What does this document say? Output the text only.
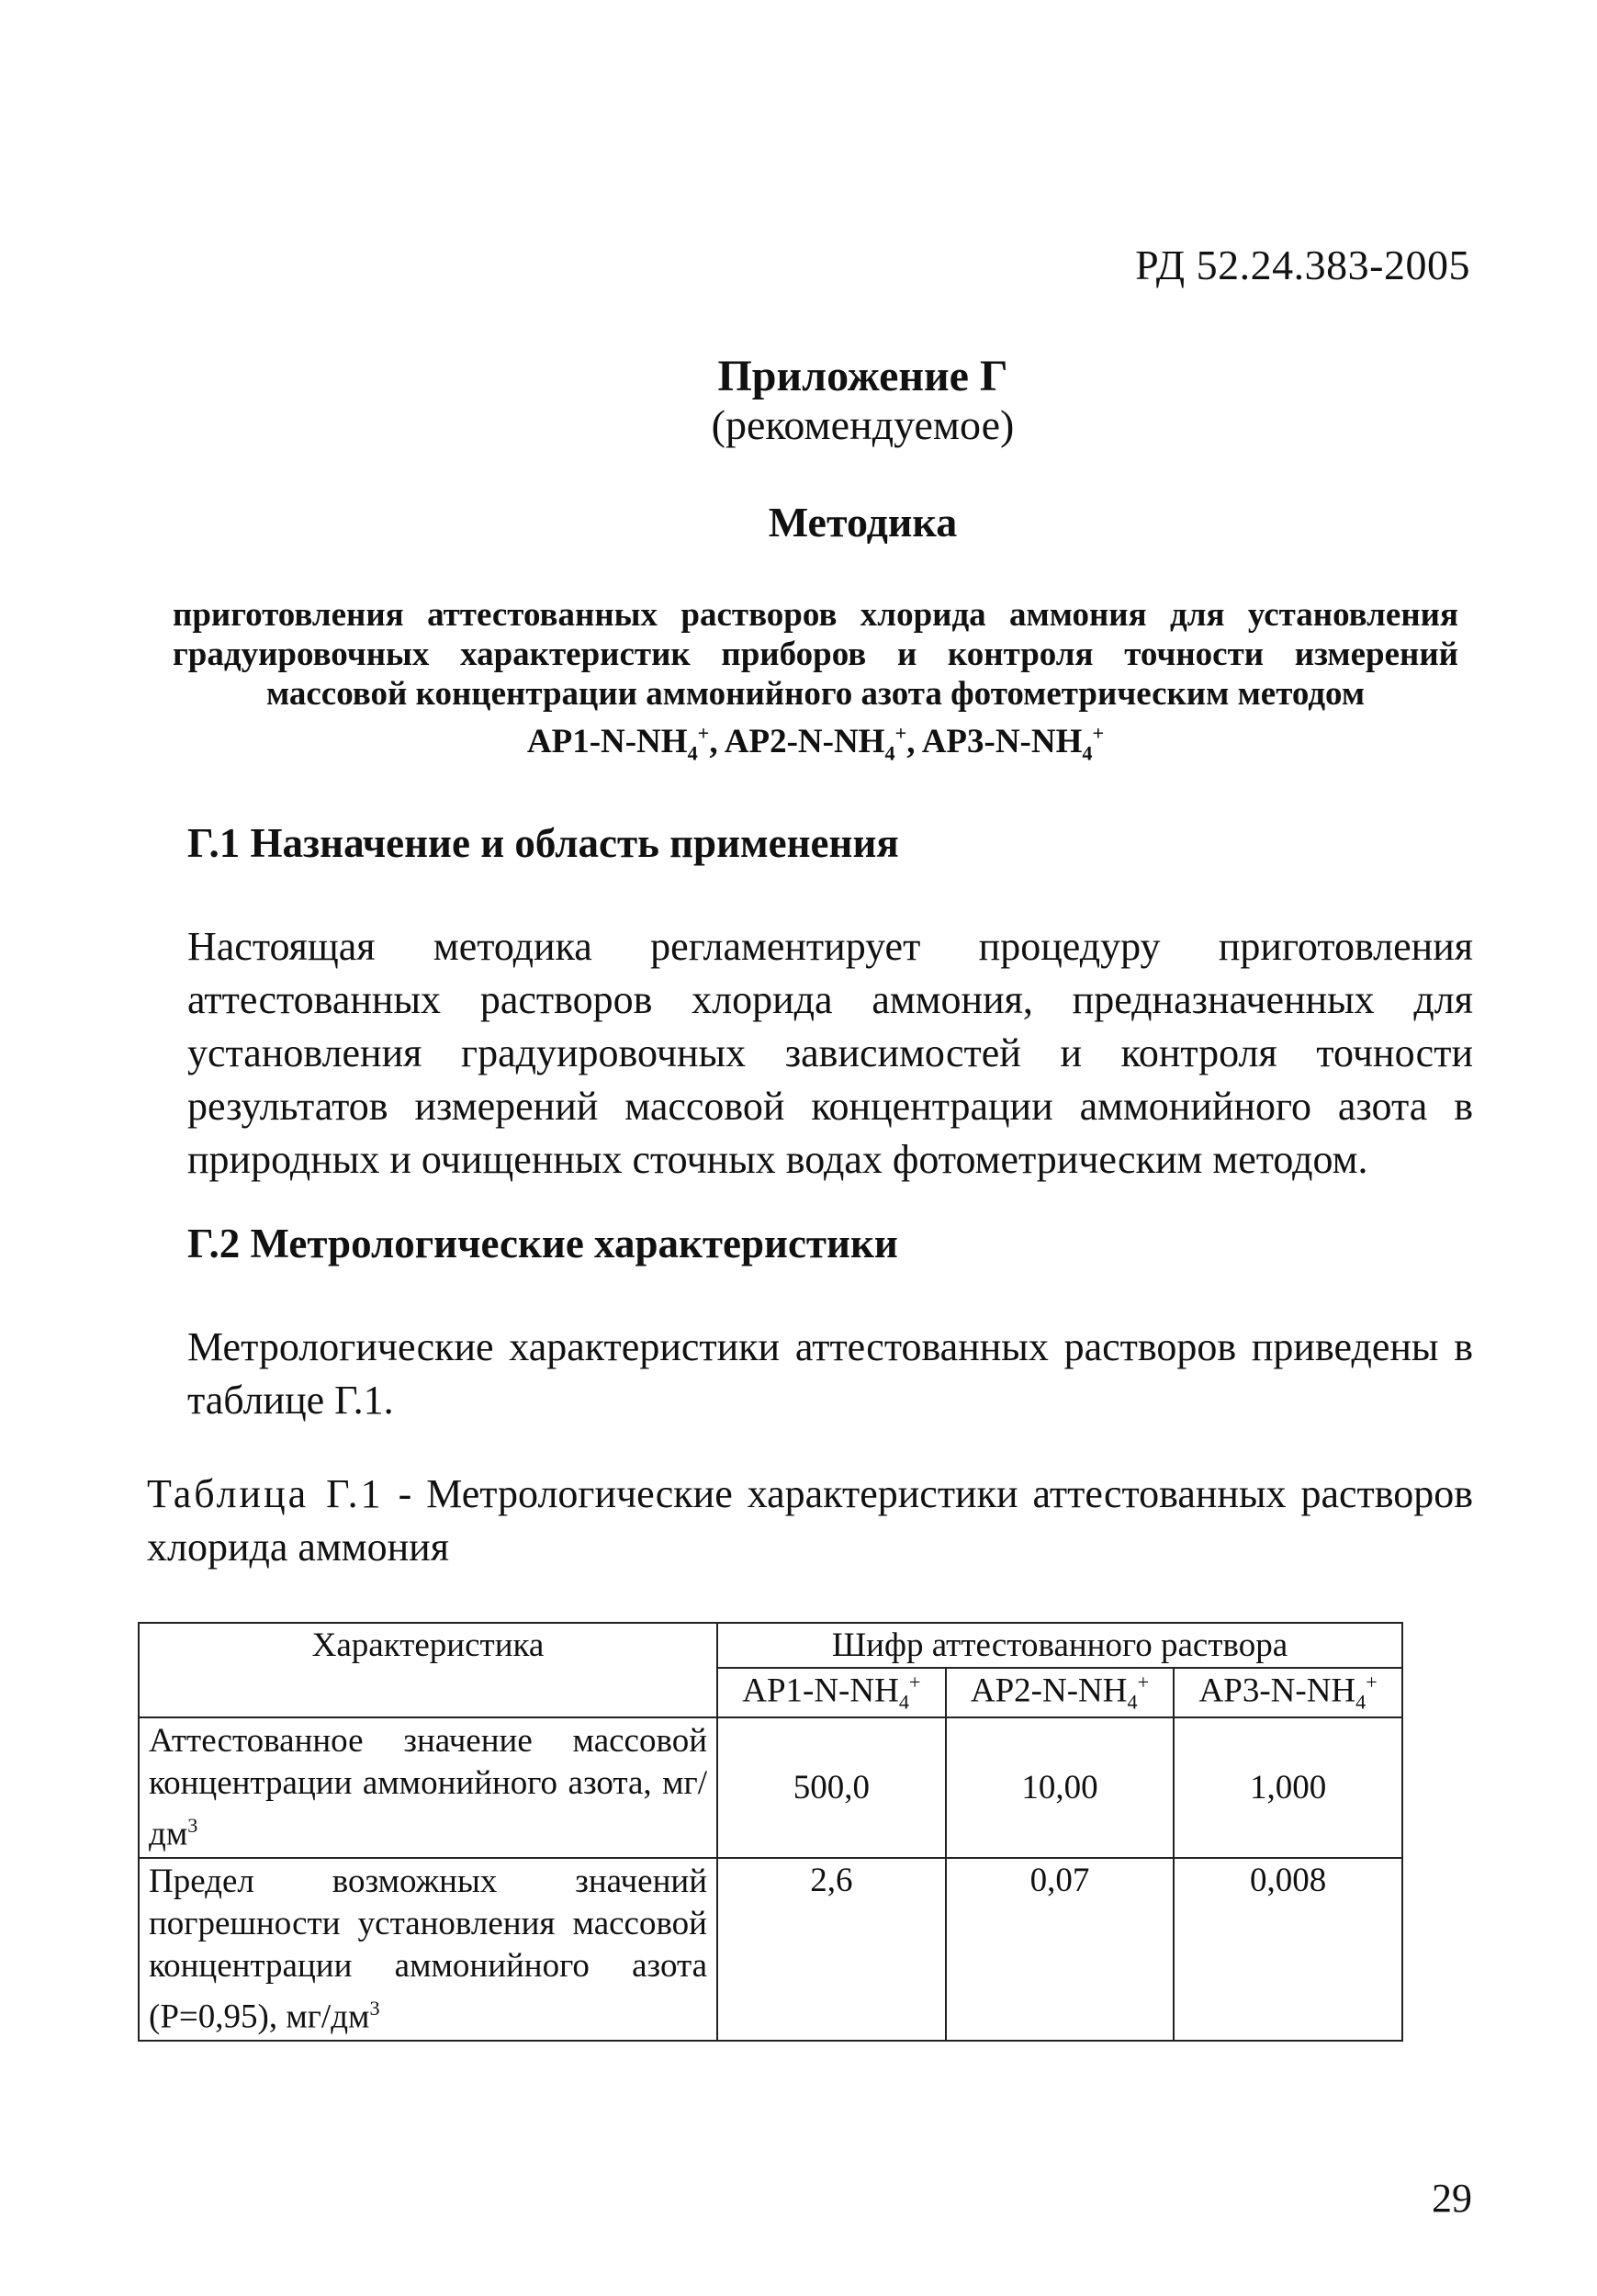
РД 52.24.383-2005
Приложение Г
(рекомендуемое)
Методика
приготовления аттестованных растворов хлорида аммония для установления градуировочных характеристик приборов и контроля точности измерений массовой концентрации аммонийного азота фотометрическим методом
$AP1-N-NH_4^+$, $AP2-N-NH_4^+$, $AP3-N-NH_4^+$
Г.1 Назначение и область применения
Настоящая методика регламентирует процедуру приготовления аттестованных растворов хлорида аммония, предназначенных для установления градуировочных зависимостей и контроля точности результатов измерений массовой концентрации аммонийного азота в природных и очищенных сточных водах фотометрическим методом.
Г.2 Метрологические характеристики
Метрологические характеристики аттестованных растворов приведены в таблице Г.1.
Таблица Г.1 - Метрологические характеристики аттестованных растворов хлорида аммония
Характеристика	Шифр аттестованного раствора		
	$AP1-N-NH_4^+$	$AP2-N-NH_4^+$	$AP3-N-NH_4^+$
Аттестованное значение массовой концентрации аммонийного азота, $мг/дм^3$	500,0	10,00	1,000
Предел возможных значений погрешности установления массовой концентрации аммонийного азота (Р=0,95), $мг/дм^3$	2,6	0,07	0,008
29
